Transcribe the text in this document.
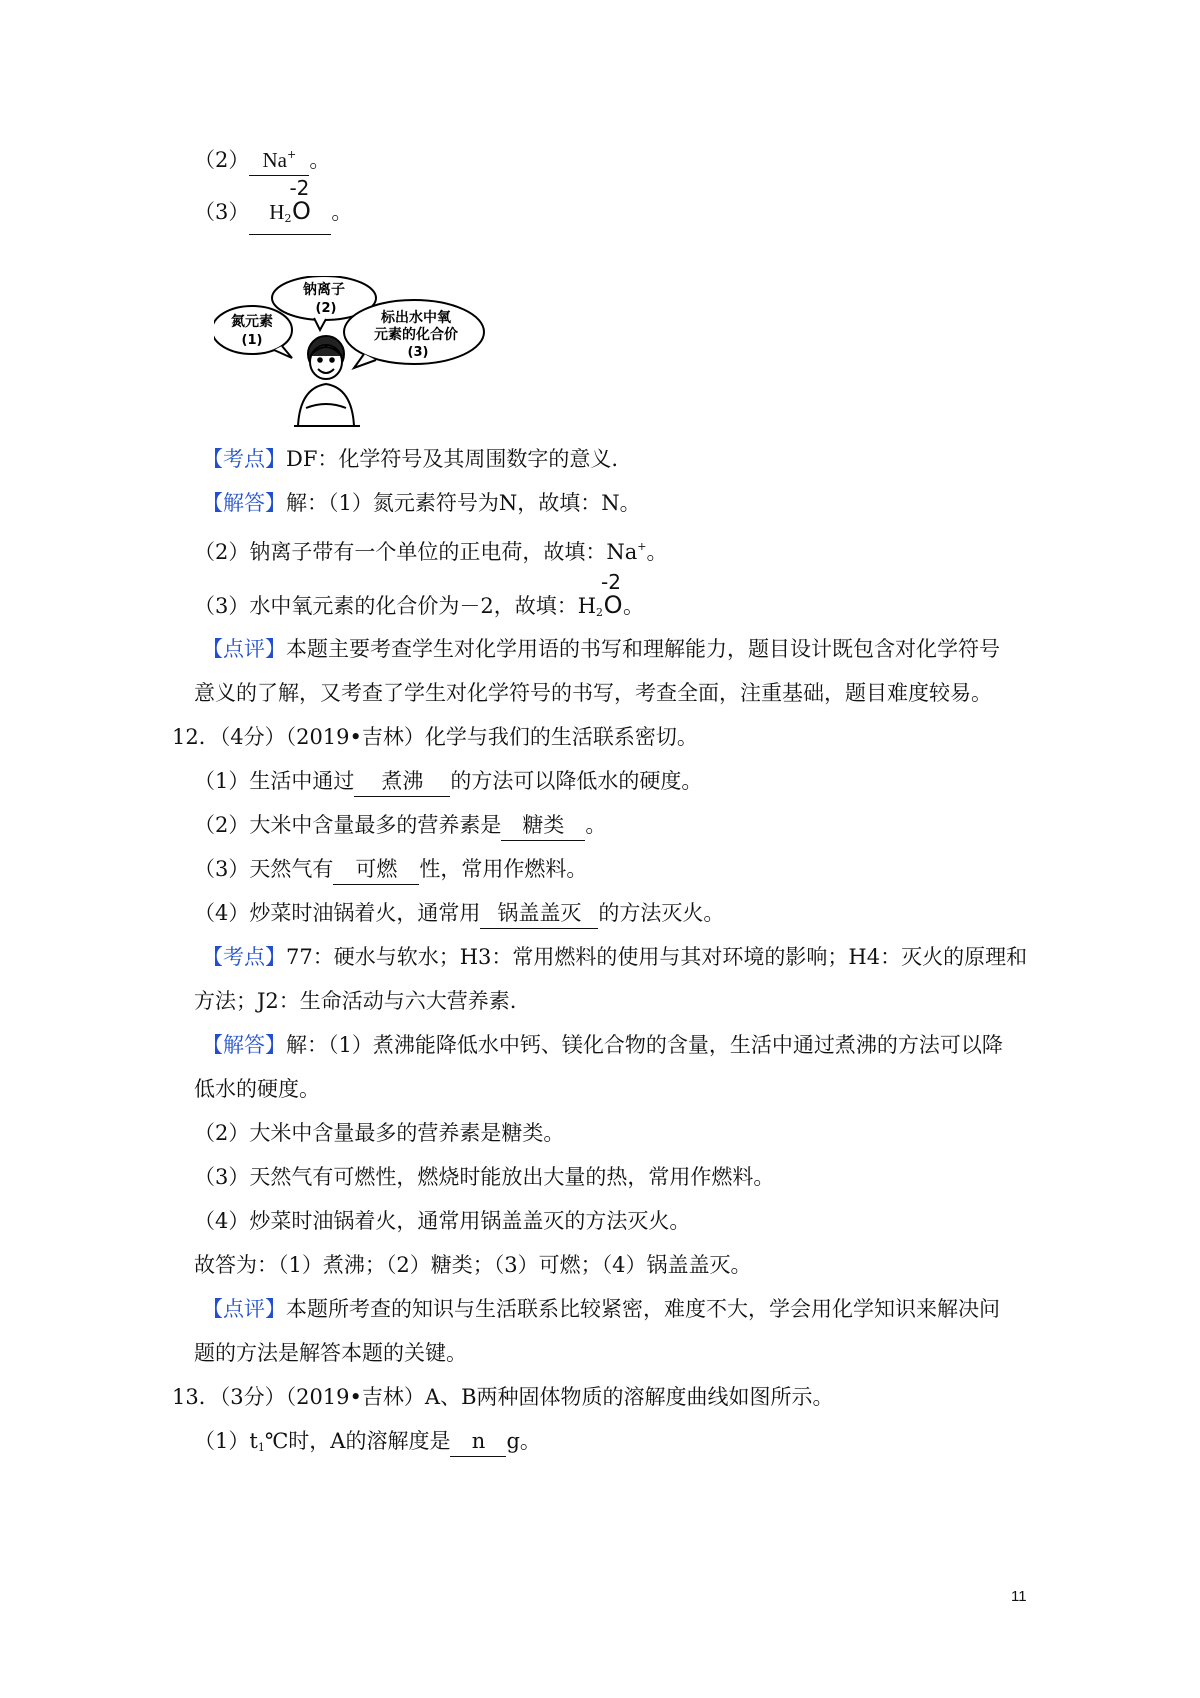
（2） Na+ 。
（3） $H_2$
-2
O 。
钠离子
(2)
氮元素
(1)
标出水中氧
元素的化合价
(3)
【考点】DF：化学符号及其周围数字的意义.
【解答】解：（1）氮元素符号为N，故填：N。
（2）钠离子带有一个单位的正电荷，故填：Na+。
（3）水中氧元素的化合价为－2，故填：$H_2$
-2
O。
【点评】本题主要考查学生对化学用语的书写和理解能力，题目设计既包含对化学符号
意义的了解，又考查了学生对化学符号的书写，考查全面，注重基础，题目难度较易。
12．（4分）（2019•吉林）化学与我们的生活联系密切。
（1）生活中通过 煮沸 的方法可以降低水的硬度。
（2）大米中含量最多的营养素是 糖类 。
（3）天然气有 可燃 性，常用作燃料。
（4）炒菜时油锅着火，通常用 锅盖盖灭 的方法灭火。
【考点】77：硬水与软水；H3：常用燃料的使用与其对环境的影响；H4：灭火的原理和
方法；J2：生命活动与六大营养素.
【解答】解：（1）煮沸能降低水中钙、镁化合物的含量，生活中通过煮沸的方法可以降
低水的硬度。
（2）大米中含量最多的营养素是糖类。
（3）天然气有可燃性，燃烧时能放出大量的热，常用作燃料。
（4）炒菜时油锅着火，通常用锅盖盖灭的方法灭火。
故答为：（1）煮沸；（2）糖类；（3）可燃；（4）锅盖盖灭。
【点评】本题所考查的知识与生活联系比较紧密，难度不大，学会用化学知识来解决问
题的方法是解答本题的关键。
13．（3分）（2019•吉林）A、B两种固体物质的溶解度曲线如图所示。
$(1)t_1℃$时，A的溶解度是 n g。
11
